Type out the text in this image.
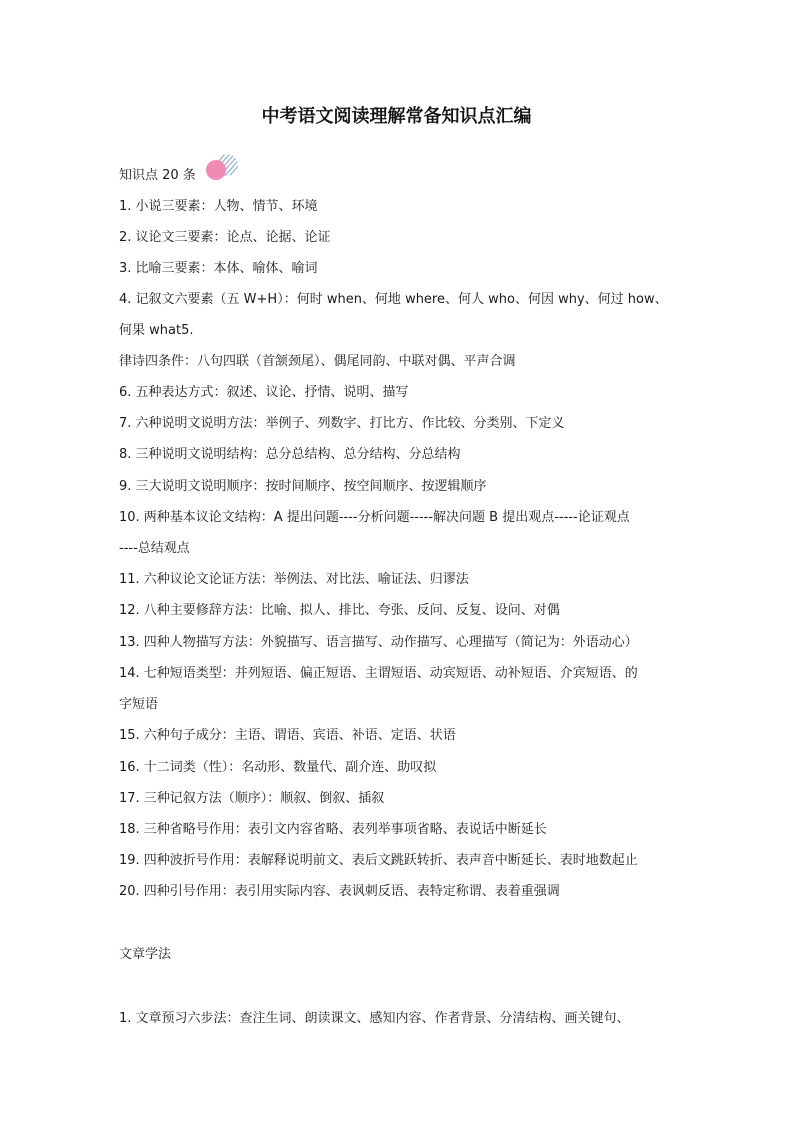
中考语文阅读理解常备知识点汇编
知识点 20 条
1. 小说三要素：人物、情节、环境
2. 议论文三要素：论点、论据、论证
3. 比喻三要素：本体、喻体、喻词
4. 记叙文六要素（五 W+H）：何时 when、何地 where、何人 who、何因 why、何过 how、
何果 what5.
律诗四条件：八句四联（首颔颈尾）、偶尾同韵、中联对偶、平声合调
6. 五种表达方式：叙述、议论、抒情、说明、描写
7. 六种说明文说明方法：举例子、列数字、打比方、作比较、分类别、下定义
8. 三种说明文说明结构：总分总结构、总分结构、分总结构
9. 三大说明文说明顺序：按时间顺序、按空间顺序、按逻辑顺序
10. 两种基本议论文结构：A 提出问题----分析问题-----解决问题 B 提出观点-----论证观点
----总结观点
11. 六种议论文论证方法：举例法、对比法、喻证法、归谬法
12. 八种主要修辞方法：比喻、拟人、排比、夸张、反问、反复、设问、对偶
13. 四种人物描写方法：外貌描写、语言描写、动作描写、心理描写（简记为：外语动心）
14. 七种短语类型：并列短语、偏正短语、主谓短语、动宾短语、动补短语、介宾短语、的
字短语
15. 六种句子成分：主语、谓语、宾语、补语、定语、状语
16. 十二词类（性）：名动形、数量代、副介连、助叹拟
17. 三种记叙方法（顺序）：顺叙、倒叙、插叙
18. 三种省略号作用：表引文内容省略、表列举事项省略、表说话中断延长
19. 四种波折号作用：表解释说明前文、表后文跳跃转折、表声音中断延长、表时地数起止
20. 四种引号作用：表引用实际内容、表讽刺反语、表特定称谓、表着重强调
文章学法
1. 文章预习六步法：查注生词、朗读课文、感知内容、作者背景、分清结构、画关键句、
